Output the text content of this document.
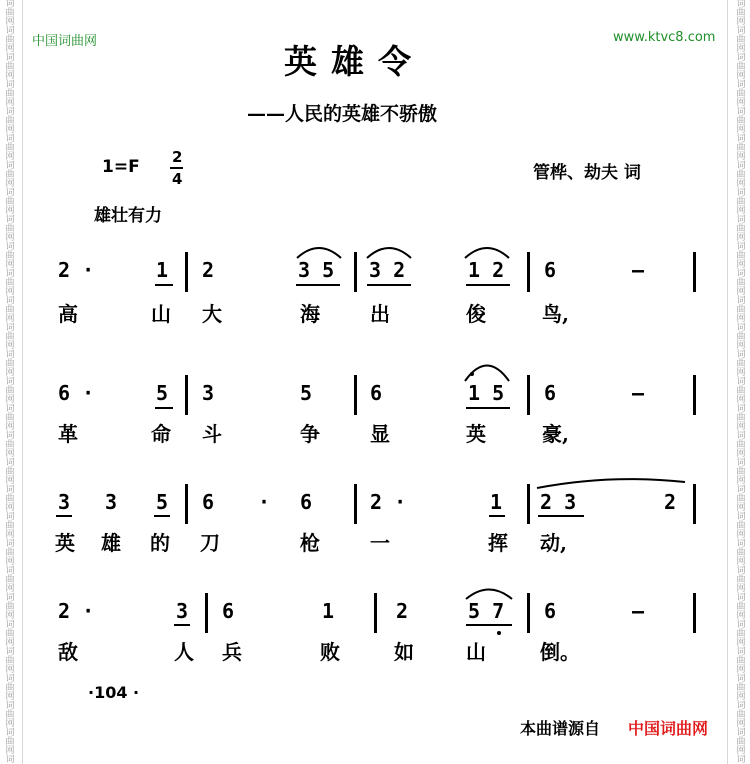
词
曲
网
词
曲
网
词
曲
网
词
曲
网
词
曲
网
词
曲
网
词
曲
网
词
曲
网
词
曲
网
词
曲
网
词
曲
网
词
曲
网
词
曲
网
词
曲
网
词
曲
网
词
曲
网
词
曲
网
词
曲
网
词
曲
网
词
曲
网
词
曲
网
词
曲
网
词
曲
网
词
曲
网
词
曲
网
词
曲
网
词
曲
网
词
曲
网
词
词
曲
网
词
曲
网
词
曲
网
词
曲
网
词
曲
网
词
曲
网
词
曲
网
词
曲
网
词
曲
网
词
曲
网
词
曲
网
词
曲
网
词
曲
网
词
曲
网
词
曲
网
词
曲
网
词
曲
网
词
曲
网
词
曲
网
词
曲
网
词
曲
网
词
曲
网
词
曲
网
词
曲
网
词
曲
网
词
曲
网
词
曲
网
词
曲
网
词
中国词曲网	www.ktvc8.com
英雄令
——人民的英雄不骄傲
1=F 2
4	管桦、劫夫 词
雄壮有力
2 ·	1 2	3 5 3 2	1 2 6	—
高	山 大	海	出	俊	鸟,
6 ·	5 3	5	6	1 5 6	—
革	命 斗	争	显	英	豪,
3 3 5 6 · 6	2 ·	1 2 3	2
英 雄 的 刀	枪	一	挥 动,
2 ·	3 6	1	2	5 7 6	—
敌	人 兵	败	如	山	倒。
·104 ·
本曲谱源自 中国词曲网
